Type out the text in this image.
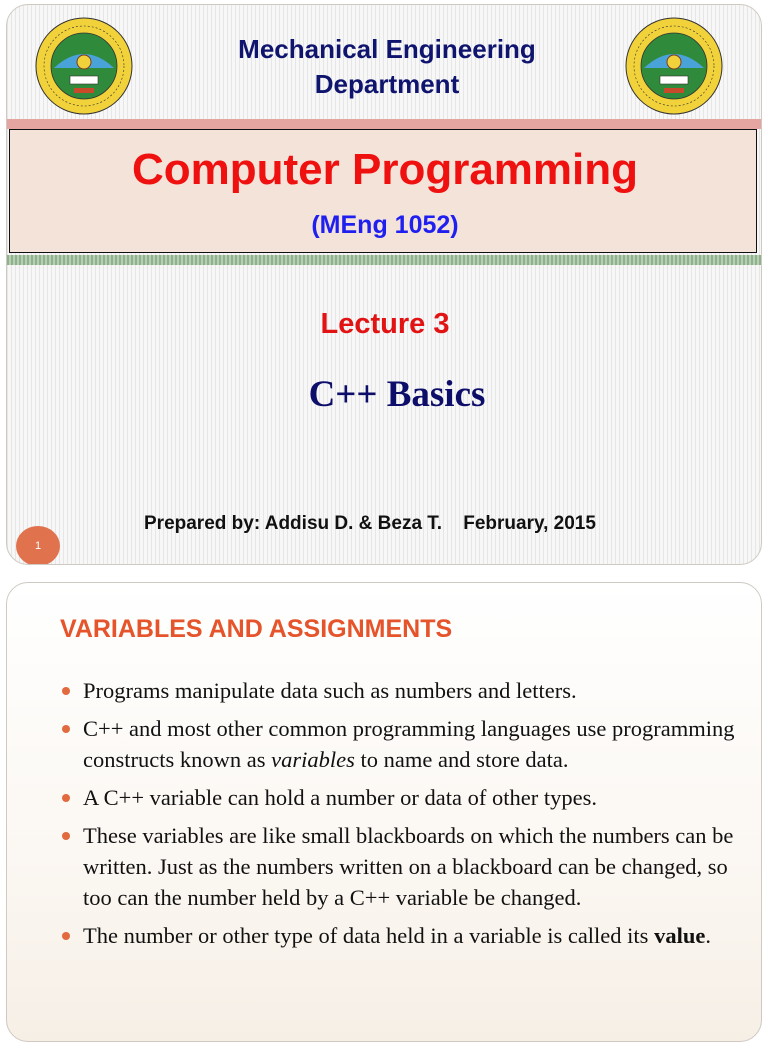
Mechanical Engineering

Department

Computer Programming

(MEng 1052)

Lecture 3

C++ Basics

Prepared by: Addisu D. & Beza T. February, 2015
1
VARIABLES AND ASSIGNMENTS
Programs manipulate data such as numbers and letters.
C++ and most other common programming languages use programming constructs known as variables to name and store data.
A C++ variable can hold a number or data of other types.
These variables are like small blackboards on which the numbers can be written. Just as the numbers written on a blackboard can be changed, so too can the number held by a C++ variable be changed.
The number or other type of data held in a variable is called its value.
